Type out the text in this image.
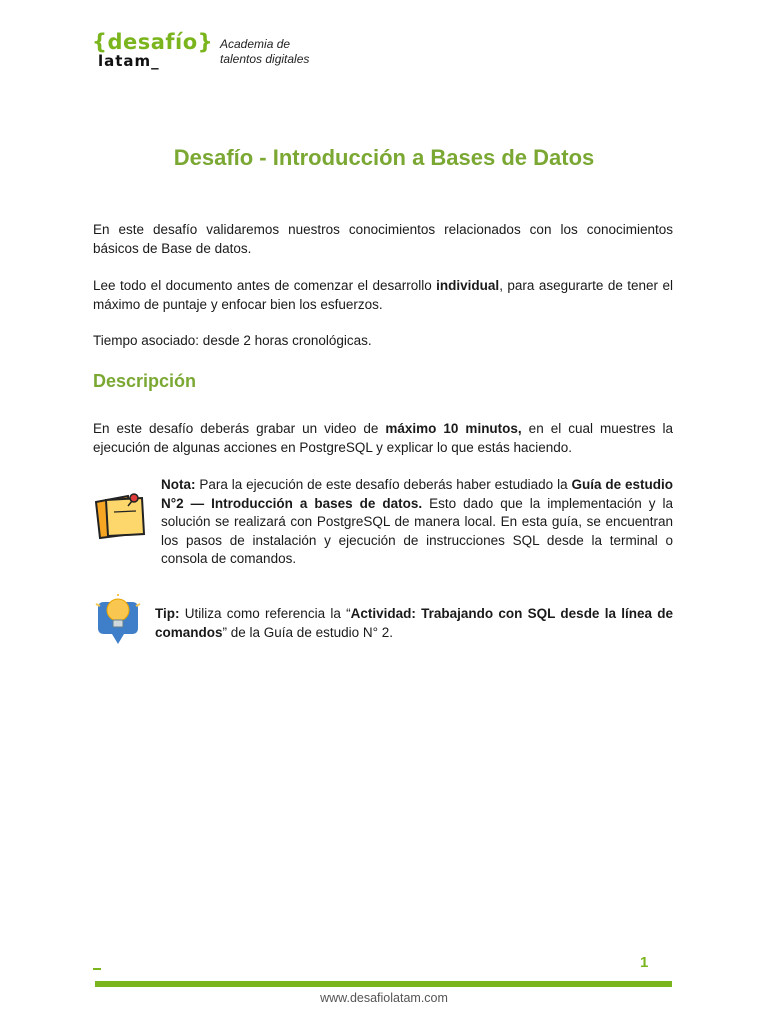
{desafío}
latam_
Academia de
talentos digitales
Desafío - Introducción a Bases de Datos

En este desafío validaremos nuestros conocimientos relacionados con los conocimientos básicos de Base de datos.

Lee todo el documento antes de comenzar el desarrollo individual, para asegurarte de tener el máximo de puntaje y enfocar bien los esfuerzos.

Tiempo asociado: desde 2 horas cronológicas.

Descripción

En este desafío deberás grabar un video de máximo 10 minutos, en el cual muestres la ejecución de algunas acciones en PostgreSQL y explicar lo que estás haciendo.

Nota: Para la ejecución de este desafío deberás haber estudiado la Guía de estudio N°2 — Introducción a bases de datos. Esto dado que la implementación y la solución se realizará con PostgreSQL de manera local. En esta guía, se encuentran los pasos de instalación y ejecución de instrucciones SQL desde la terminal o consola de comandos.

Tip: Utiliza como referencia la “Actividad: Trabajando con SQL desde la línea de comandos” de la Guía de estudio N° 2.

1
www.desafiolatam.com
